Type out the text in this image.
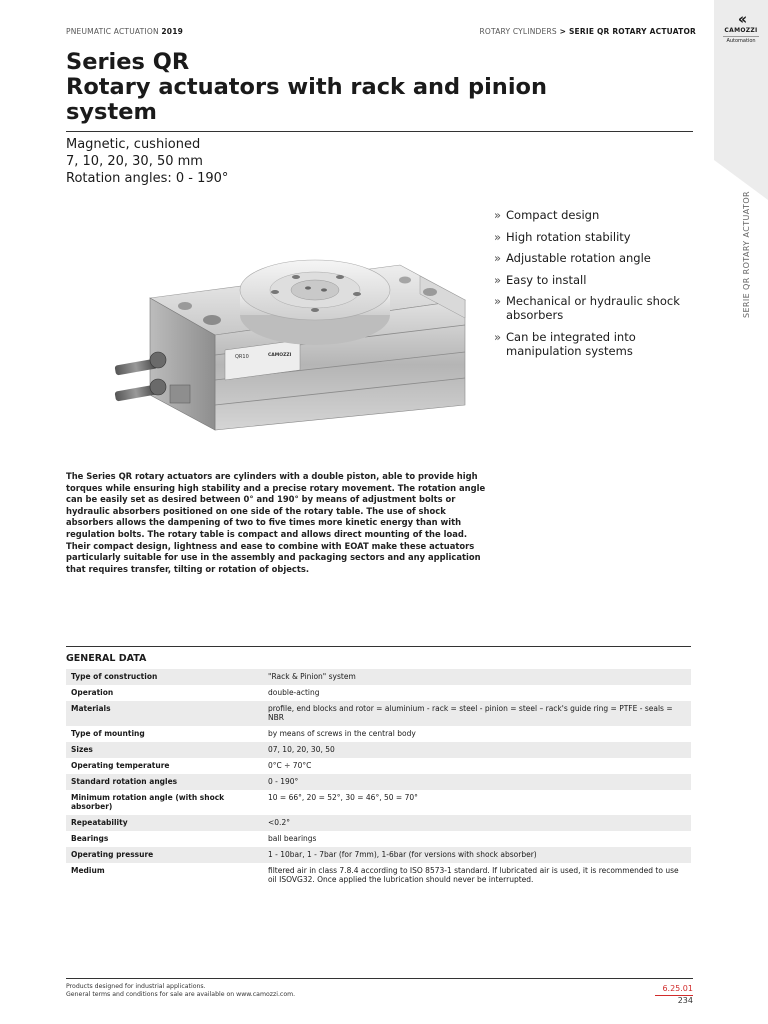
PNEUMATIC ACTUATION 2019	ROTARY CYLINDERS > SERIE QR ROTARY ACTUATOR
‹‹
CAMOZZI
Automation
SERIE QR ROTARY ACTUATOR
Series QR
Rotary actuators with rack and pinion
system
Magnetic, cushioned
7, 10, 20, 30, 50 mm
Rotation angles: 0 - 190°
» Compact design
» High rotation stability
» Adjustable rotation angle
» Easy to install
» Mechanical or hydraulic shock absorbers
» Can be integrated into manipulation systems
QR10	CAMOZZI
The Series QR rotary actuators are cylinders with a double piston, able to provide high torques while ensuring high stability and a precise rotary movement. The rotation angle can be easily set as desired between 0° and 190° by means of adjustment bolts or hydraulic absorbers positioned on one side of the rotary table. The use of shock absorbers allows the dampening of two to five times more kinetic energy than with regulation bolts. The rotary table is compact and allows direct mounting of the load. Their compact design, lightness and ease to combine with EOAT make these actuators particularly suitable for use in the assembly and packaging sectors and any application that requires transfer, tilting or rotation of objects.
GENERAL DATA
Type of construction	"Rack & Pinion" system
Operation	double-acting
Materials	profile, end blocks and rotor = aluminium - rack = steel - pinion = steel – rack's guide ring = PTFE - seals = NBR
Type of mounting	by means of screws in the central body
Sizes	07, 10, 20, 30, 50
Operating temperature	0°C ÷ 70°C
Standard rotation angles	0 - 190°
Minimum rotation angle (with shock absorber)	10 = 66°, 20 = 52°, 30 = 46°, 50 = 70°
Repeatability	<0.2°
Bearings	ball bearings
Operating pressure	1 - 10bar, 1 - 7bar (for 7mm), 1-6bar (for versions with shock absorber)
Medium	filtered air in class 7.8.4 according to ISO 8573-1 standard. If lubricated air is used, it is recommended to use oil ISOVG32. Once applied the lubrication should never be interrupted.
Products designed for industrial applications.
General terms and conditions for sale are available on www.camozzi.com.
6.25.01
234
